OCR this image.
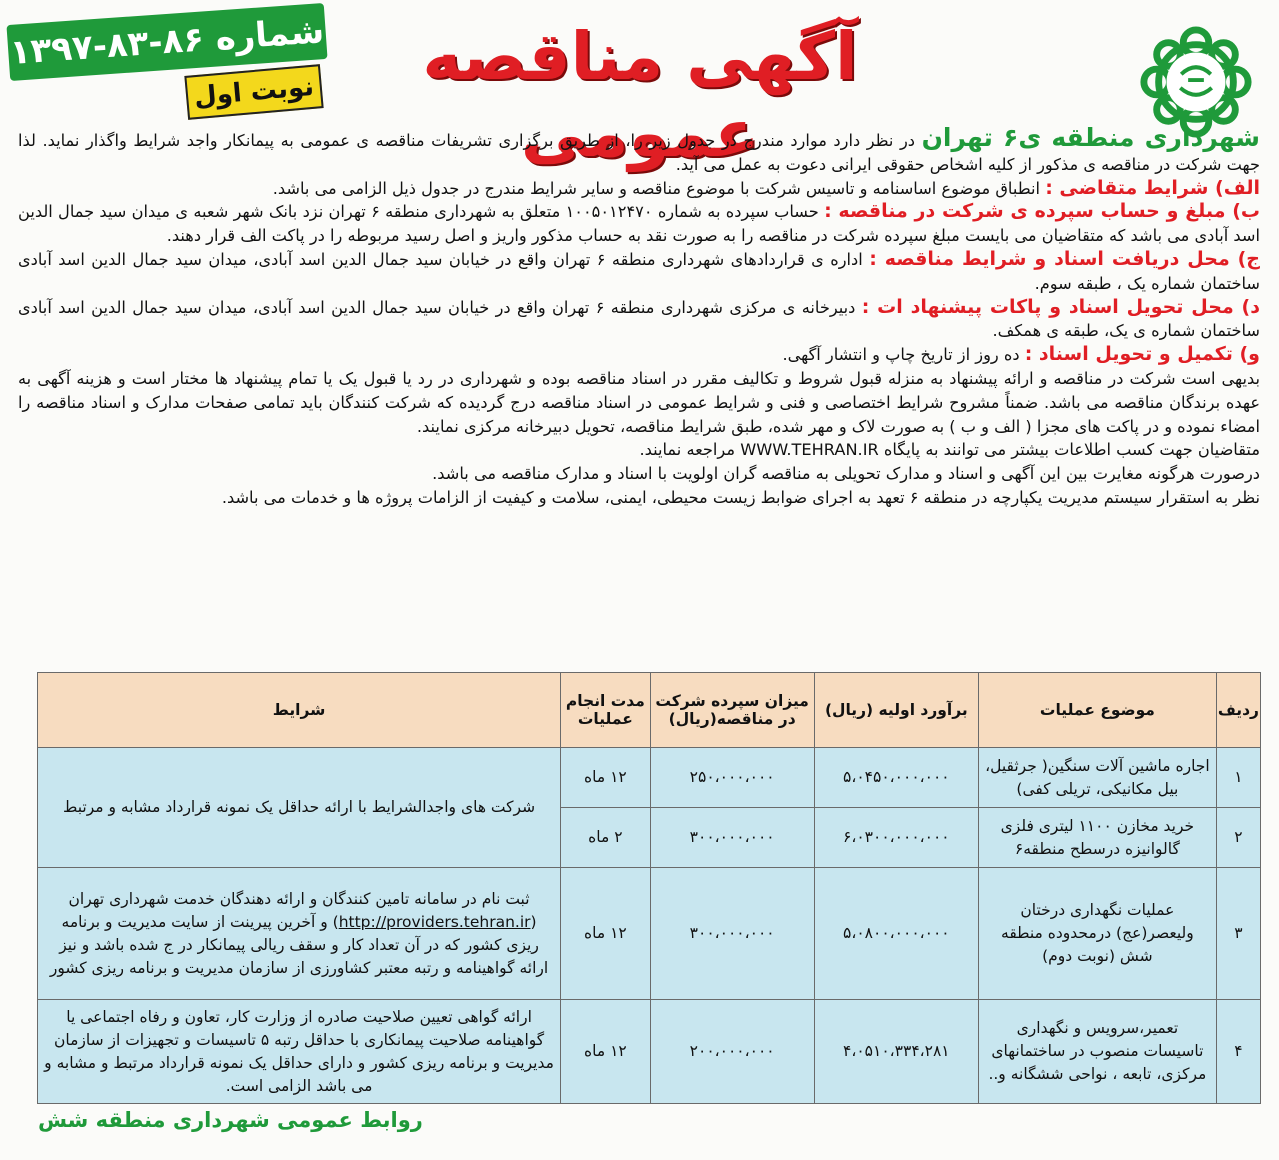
آگهی مناقصه عمومی
شماره ۸۶-۸۳-۱۳۹۷
نوبت اول

شهرداری منطقه ی۶ تهران در نظر دارد موارد مندرج در جدول زیر را، از طریق برگزاری تشریفات مناقصه ی عمومی به پیمانکار واجد شرایط واگذار نماید. لذا جهت شرکت در مناقصه ی مذکور از کلیه اشخاص حقوقی ایرانی دعوت به عمل می آید.

الف) شرایط متقاضی : انطباق موضوع اساسنامه و تاسیس شرکت با موضوع مناقصه و سایر شرایط مندرج در جدول ذیل الزامی می باشد.

ب) مبلغ و حساب سپرده ی شرکت در مناقصه : حساب سپرده به شماره ۱۰۰۵۰۱۲۴۷۰ متعلق به شهرداری منطقه ۶ تهران نزد بانک شهر شعبه ی میدان سید جمال الدین اسد آبادی می باشد که متقاضیان می بایست مبلغ سپرده شرکت در مناقصه را به صورت نقد به حساب مذکور واریز و اصل رسید مربوطه را در پاکت الف قرار دهند.

ج) محل دریافت اسناد و شرایط مناقصه : اداره ی قراردادهای شهرداری منطقه ۶ تهران واقع در خیابان سید جمال الدین اسد آبادی، میدان سید جمال الدین اسد آبادی ساختمان شماره یک ، طبقه سوم.

د) محل تحویل اسناد و پاکات پیشنهاد ات : دبیرخانه ی مرکزی شهرداری منطقه ۶ تهران واقع در خیابان سید جمال الدین اسد آبادی، میدان سید جمال الدین اسد آبادی ساختمان شماره ی یک، طبقه ی همکف.

و) تکمیل و تحویل اسناد : ده روز از تاریخ چاپ و انتشار آگهی.

بدیهی است شرکت در مناقصه و ارائه پیشنهاد به منزله قبول شروط و تکالیف مقرر در اسناد مناقصه بوده و شهرداری در رد یا قبول یک یا تمام پیشنهاد ها مختار است و هزینه آگهی به عهده برندگان مناقصه می باشد. ضمناً مشروح شرایط اختصاصی و فنی و شرایط عمومی در اسناد مناقصه درج گردیده که شرکت کنندگان باید تمامی صفحات مدارک و اسناد مناقصه را امضاء نموده و در پاکت های مجزا ( الف و ب ) به صورت لاک و مهر شده، طبق شرایط مناقصه، تحویل دبیرخانه مرکزی نمایند.

متقاضیان جهت کسب اطلاعات بیشتر می توانند به پایگاه WWW.TEHRAN.IR مراجعه نمایند.

درصورت هرگونه مغایرت بین این آگهی و اسناد و مدارک تحویلی به مناقصه گران اولویت با اسناد و مدارک مناقصه می باشد.

نظر به استقرار سیستم مدیریت یکپارچه در منطقه ۶ تعهد به اجرای ضوابط زیست محیطی، ایمنی، سلامت و کیفیت از الزامات پروژه ها و خدمات می باشد.

ردیف	موضوع عملیات	برآورد اولیه (ریال)	میزان سپرده شرکت در مناقصه(ریال)	مدت انجام عملیات	شرایط
۱	اجاره ماشین آلات سنگین( جرثقیل، بیل مکانیکی، تریلی کفی)	۵،۰۴۵۰،۰۰۰،۰۰۰	۲۵۰،۰۰۰،۰۰۰	۱۲ ماه	شرکت های واجدالشرایط با ارائه حداقل یک نمونه قرارداد مشابه و مرتبط
۲	خرید مخازن ۱۱۰۰ لیتری فلزی گالوانیزه درسطح منطقه۶	۶،۰۳۰۰،۰۰۰،۰۰۰	۳۰۰،۰۰۰،۰۰۰	۲ ماه	
۳	عملیات نگهداری درختان ولیعصر(عج) درمحدوده منطقه شش (نوبت دوم)	۵،۰۸۰۰،۰۰۰،۰۰۰	۳۰۰،۰۰۰،۰۰۰	۱۲ ماه	ثبت نام در سامانه تامین کنندگان و ارائه دهندگان خدمت شهرداری تهران (http://providers.tehran.ir) و آخرین پیرینت از سایت مدیریت و برنامه ریزی کشور که در آن تعداد کار و سقف ریالی پیمانکار در ج شده باشد و نیز ارائه گواهینامه و رتبه معتبر کشاورزی از سازمان مدیریت و برنامه ریزی کشور
۴	تعمیر،سرویس و نگهداری تاسیسات منصوب در ساختمانهای مرکزی، تابعه ، نواحی ششگانه و..	۴،۰۵۱۰،۳۳۴،۲۸۱	۲۰۰،۰۰۰،۰۰۰	۱۲ ماه	ارائه گواهی تعیین صلاحیت صادره از وزارت کار، تعاون و رفاه اجتماعی یا گواهینامه صلاحیت پیمانکاری با حداقل رتبه ۵ تاسیسات و تجهیزات از سازمان مدیریت و برنامه ریزی کشور و دارای حداقل یک نمونه قرارداد مرتبط و مشابه و می باشد الزامی است.
روابط عمومی شهرداری منطقه شش
